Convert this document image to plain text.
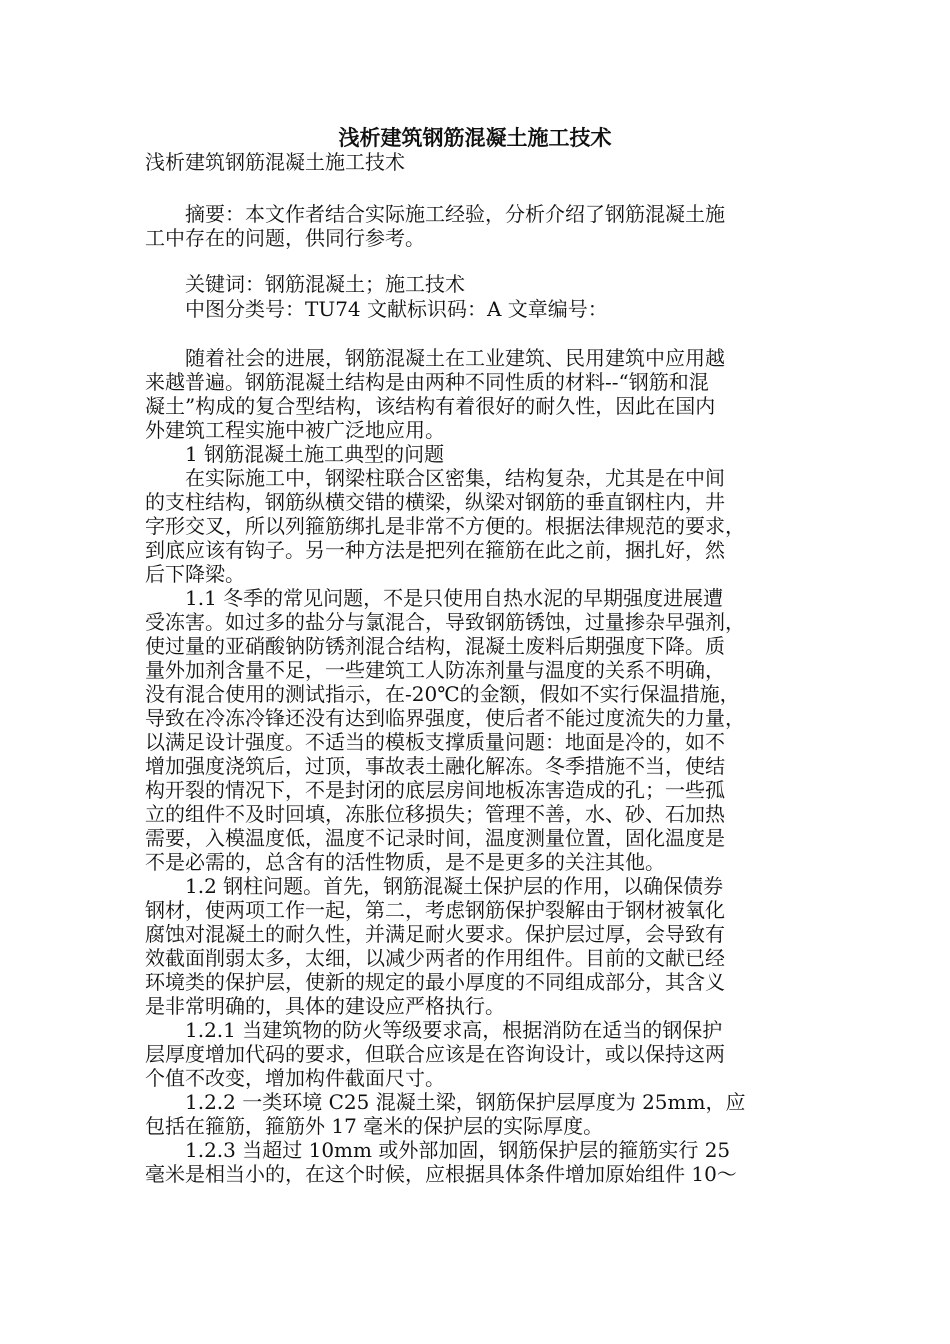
浅析建筑钢筋混凝土施工技术

浅析建筑钢筋混凝土施工技术

　　摘要：本文作者结合实际施工经验，分析介绍了钢筋混凝土施

工中存在的问题，供同行参考。

　　关键词：钢筋混凝土；施工技术

　　中图分类号：TU74 文献标识码：A 文章编号：

　　随着社会的进展，钢筋混凝土在工业建筑、民用建筑中应用越

来越普遍。钢筋混凝土结构是由两种不同性质的材料--“钢筋和混

凝土”构成的复合型结构，该结构有着很好的耐久性，因此在国内

外建筑工程实施中被广泛地应用。

　　1 钢筋混凝土施工典型的问题

　　在实际施工中，钢梁柱联合区密集，结构复杂，尤其是在中间

的支柱结构，钢筋纵横交错的横梁，纵梁对钢筋的垂直钢柱内，井

字形交叉，所以列箍筋绑扎是非常不方便的。根据法律规范的要求，

到底应该有钩子。另一种方法是把列在箍筋在此之前，捆扎好，然

后下降梁。

　　1.1 冬季的常见问题，不是只使用自热水泥的早期强度进展遭

受冻害。如过多的盐分与氯混合，导致钢筋锈蚀，过量掺杂早强剂，

使过量的亚硝酸钠防锈剂混合结构，混凝土废料后期强度下降。质

量外加剂含量不足，一些建筑工人防冻剂量与温度的关系不明确，

没有混合使用的测试指示，在-20℃的金额，假如不实行保温措施，

导致在冷冻冷锋还没有达到临界强度，使后者不能过度流失的力量，

以满足设计强度。不适当的模板支撑质量问题：地面是冷的，如不

增加强度浇筑后，过顶，事故表土融化解冻。冬季措施不当，使结

构开裂的情况下，不是封闭的底层房间地板冻害造成的孔；一些孤

立的组件不及时回填，冻胀位移损失；管理不善，水、砂、石加热

需要，入模温度低，温度不记录时间，温度测量位置，固化温度是

不是必需的，总含有的活性物质，是不是更多的关注其他。

　　1.2 钢柱问题。首先，钢筋混凝土保护层的作用，以确保债券

钢材，使两项工作一起，第二，考虑钢筋保护裂解由于钢材被氧化

腐蚀对混凝土的耐久性，并满足耐火要求。保护层过厚，会导致有

效截面削弱太多，太细，以减少两者的作用组件。目前的文献已经

环境类的保护层，使新的规定的最小厚度的不同组成部分，其含义

是非常明确的，具体的建设应严格执行。

　　1.2.1 当建筑物的防火等级要求高，根据消防在适当的钢保护

层厚度增加代码的要求，但联合应该是在咨询设计，或以保持这两

个值不改变，增加构件截面尺寸。

　　1.2.2 一类环境 C25 混凝土梁，钢筋保护层厚度为 25mm，应

包括在箍筋，箍筋外 17 毫米的保护层的实际厚度。

　　1.2.3 当超过 10mm 或外部加固，钢筋保护层的箍筋实行 25

毫米是相当小的，在这个时候，应根据具体条件增加原始组件 10～
